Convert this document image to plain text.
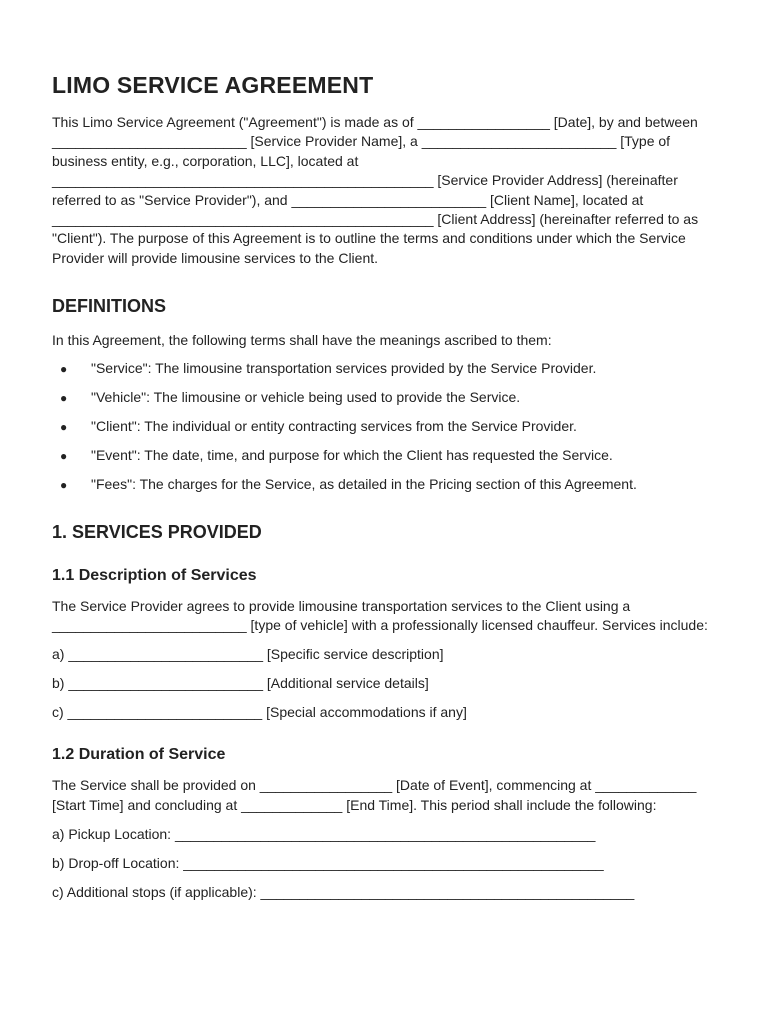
LIMO SERVICE AGREEMENT

This Limo Service Agreement ("Agreement") is made as of _________________ [Date], by and between _________________________ [Service Provider Name], a _________________________ [Type of business entity, e.g., corporation, LLC], located at _________________________________________________ [Service Provider Address] (hereinafter referred to as "Service Provider"), and _________________________ [Client Name], located at _________________________________________________ [Client Address] (hereinafter referred to as "Client"). The purpose of this Agreement is to outline the terms and conditions under which the Service Provider will provide limousine services to the Client.

DEFINITIONS

In this Agreement, the following terms shall have the meanings ascribed to them:

● "Service": The limousine transportation services provided by the Service Provider.
● "Vehicle": The limousine or vehicle being used to provide the Service.
● "Client": The individual or entity contracting services from the Service Provider.
● "Event": The date, time, and purpose for which the Client has requested the Service.
● "Fees": The charges for the Service, as detailed in the Pricing section of this Agreement.
1. SERVICES PROVIDED
1.1 Description of Services

The Service Provider agrees to provide limousine transportation services to the Client using a _________________________ [type of vehicle] with a professionally licensed chauffeur. Services include:

a) _________________________ [Specific service description]

b) _________________________ [Additional service details]

c) _________________________ [Special accommodations if any]

1.2 Duration of Service

The Service shall be provided on _________________ [Date of Event], commencing at _____________ [Start Time] and concluding at _____________ [End Time]. This period shall include the following:

a) Pickup Location: ______________________________________________________

b) Drop-off Location: ______________________________________________________

c) Additional stops (if applicable): ________________________________________________
